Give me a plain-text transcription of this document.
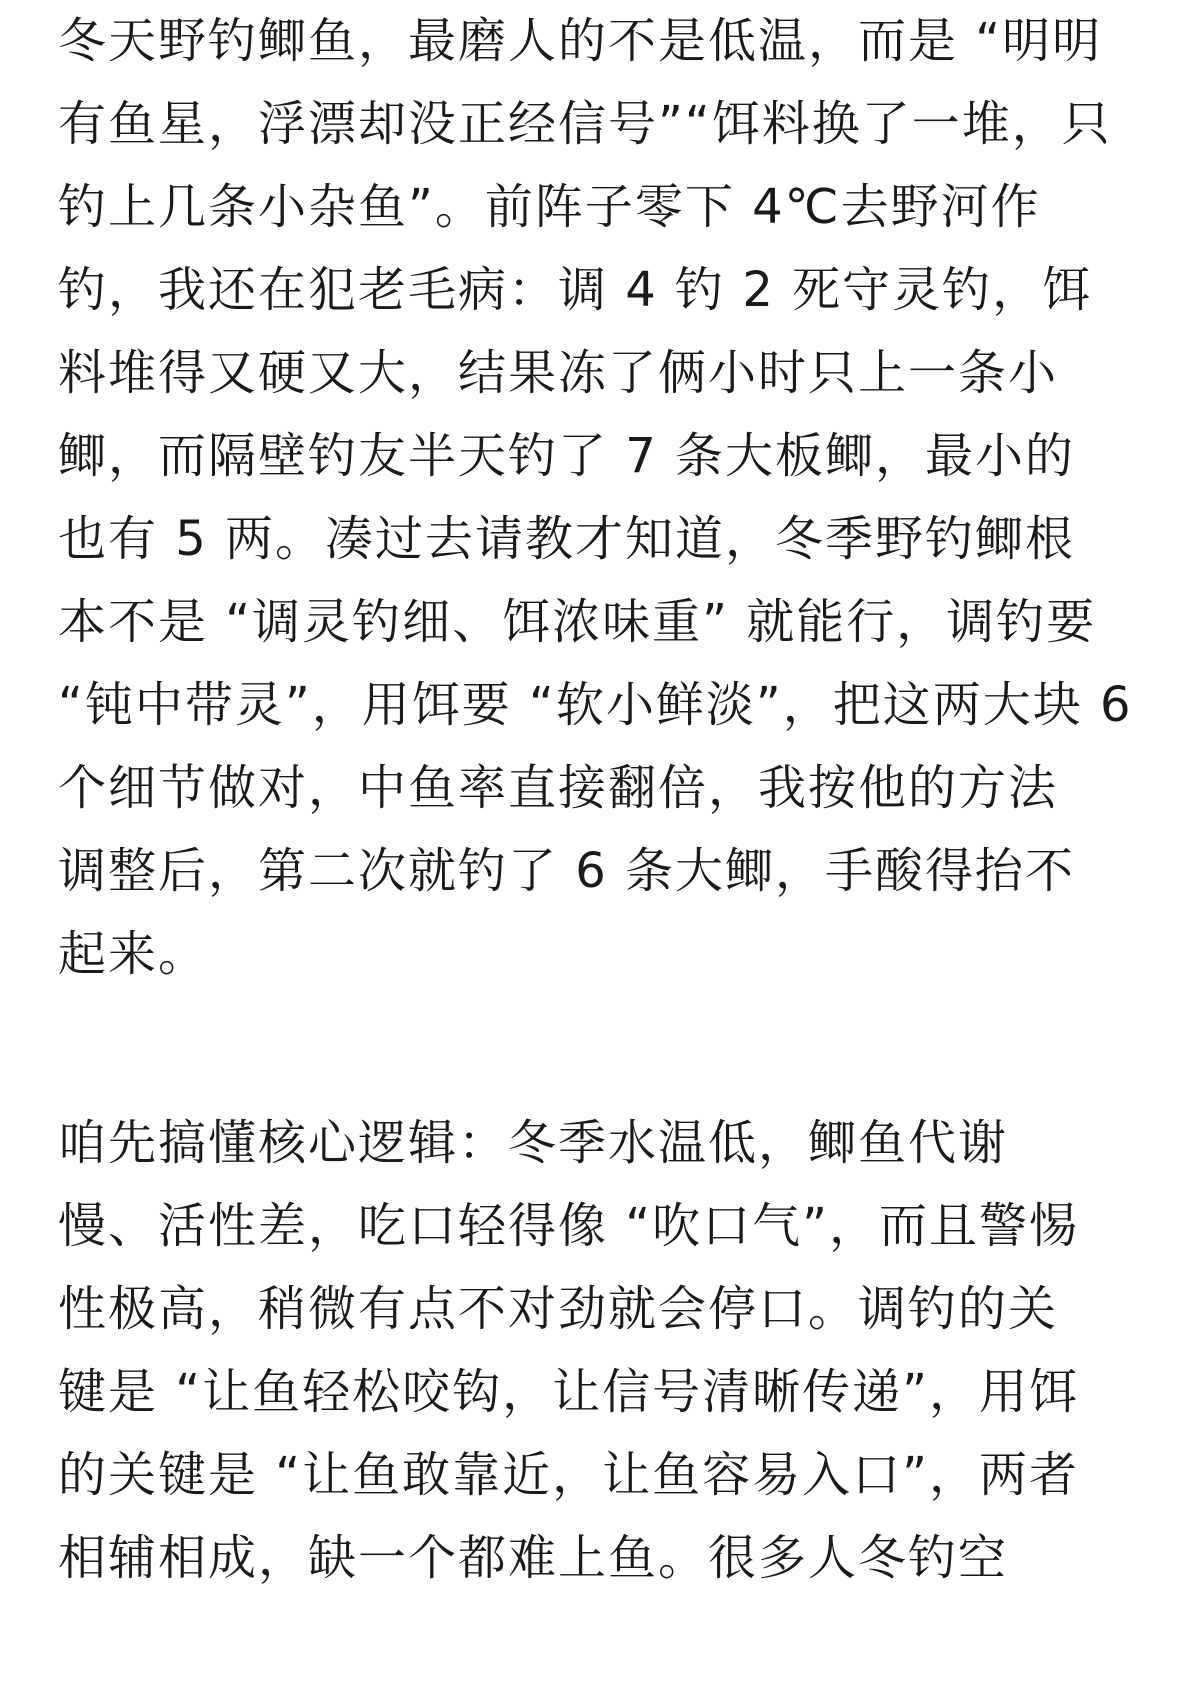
冬天野钓鲫鱼，最磨人的不是低温，而是 “明明
有鱼星，浮漂却没正经信号”“饵料换了一堆，只
钓上几条小杂鱼”。前阵子零下 4℃去野河作
钓，我还在犯老毛病：调 4 钓 2 死守灵钓，饵
料堆得又硬又大，结果冻了俩小时只上一条小
鲫，而隔壁钓友半天钓了 7 条大板鲫，最小的
也有 5 两。凑过去请教才知道，冬季野钓鲫根
本不是 “调灵钓细、饵浓味重” 就能行，调钓要
“钝中带灵”，用饵要 “软小鲜淡”，把这两大块 6
个细节做对，中鱼率直接翻倍，我按他的方法
调整后，第二次就钓了 6 条大鲫，手酸得抬不
起来。
咱先搞懂核心逻辑：冬季水温低，鲫鱼代谢
慢、活性差，吃口轻得像 “吹口气”，而且警惕
性极高，稍微有点不对劲就会停口。调钓的关
键是 “让鱼轻松咬钩，让信号清晰传递”，用饵
的关键是 “让鱼敢靠近，让鱼容易入口”，两者
相辅相成，缺一个都难上鱼。很多人冬钓空
